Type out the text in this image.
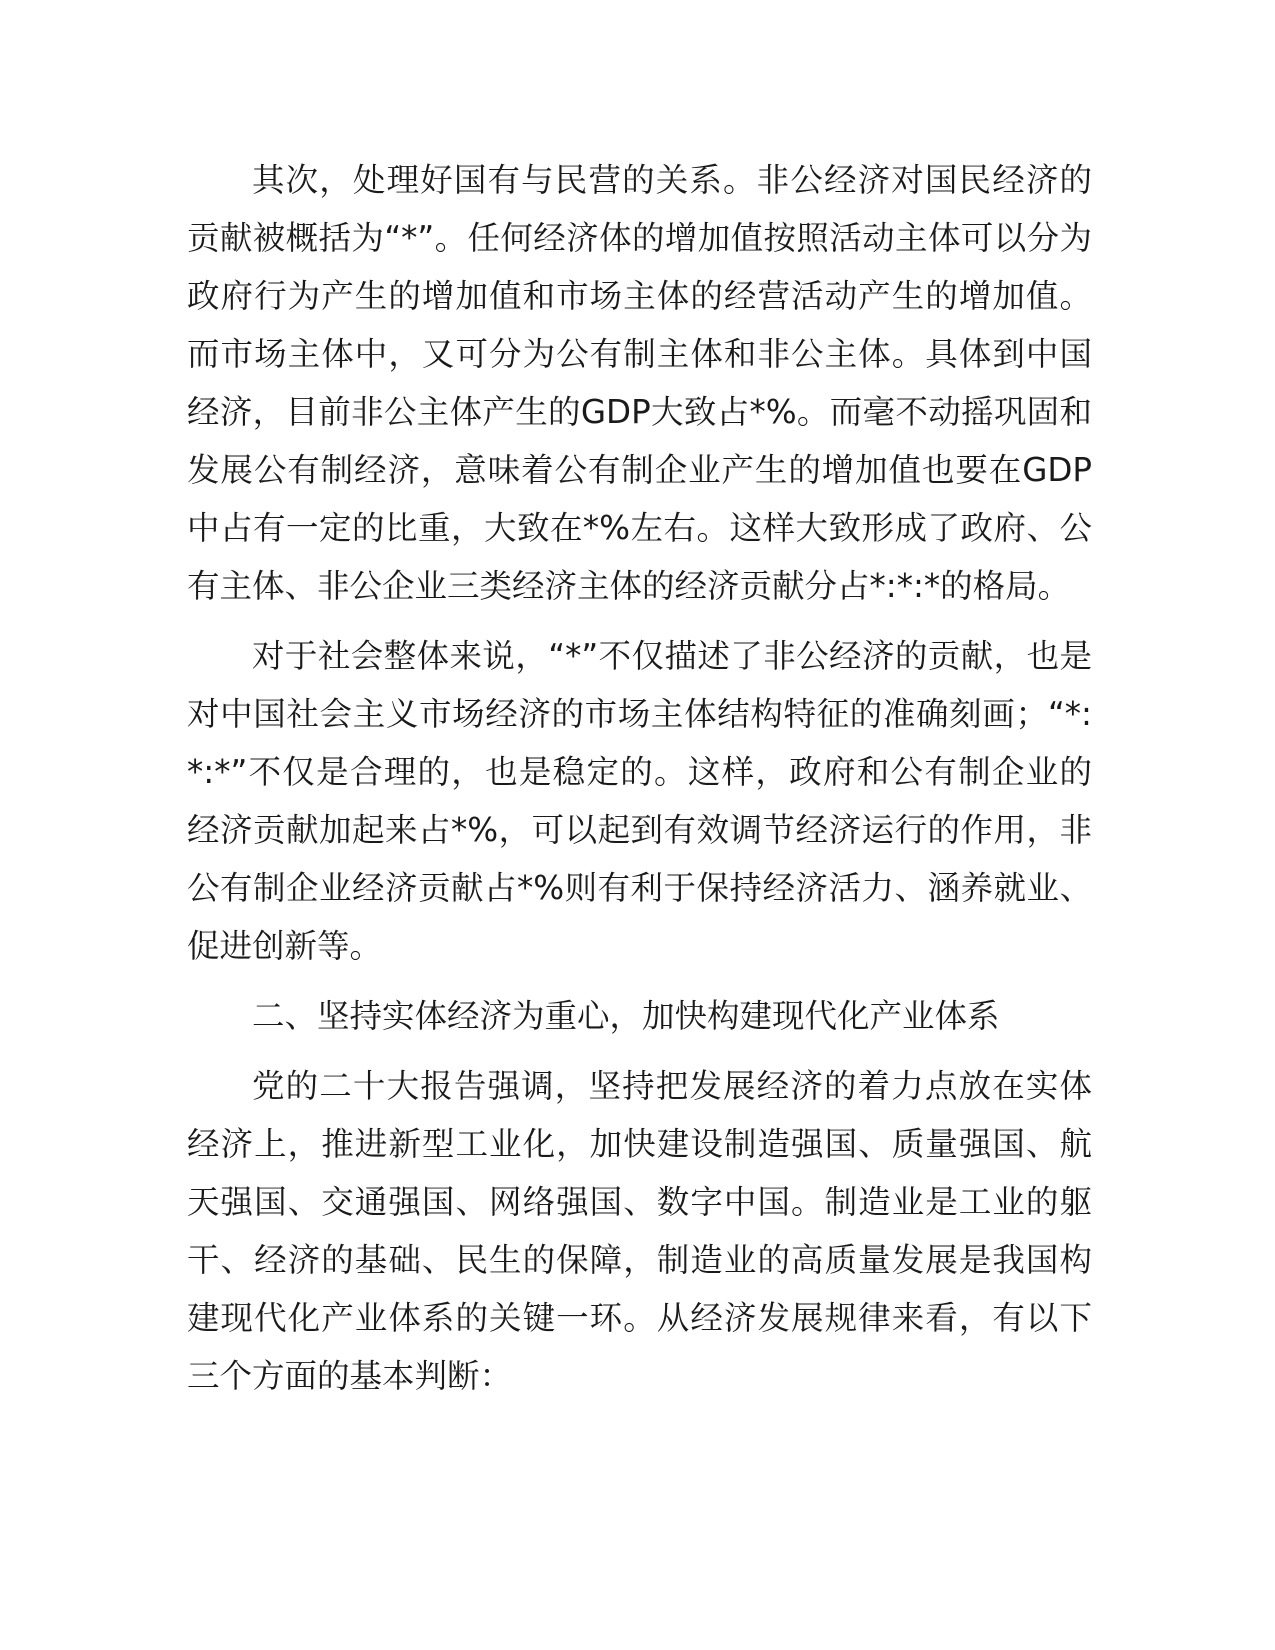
其次，处理好国有与民营的关系。非公经济对国民经济的贡献被概括为“*”。任何经济体的增加值按照活动主体可以分为政府行为产生的增加值和市场主体的经营活动产生的增加值。而市场主体中，又可分为公有制主体和非公主体。具体到中国经济，目前非公主体产生的GDP大致占*%。而毫不动摇巩固和发展公有制经济，意味着公有制企业产生的增加值也要在GDP中占有一定的比重，大致在*%左右。这样大致形成了政府、公有主体、非公企业三类经济主体的经济贡献分占*:*:*的格局。

对于社会整体来说，“*”不仅描述了非公经济的贡献，也是对中国社会主义市场经济的市场主体结构特征的准确刻画；“*:*:*”不仅是合理的，也是稳定的。这样，政府和公有制企业的经济贡献加起来占*%，可以起到有效调节经济运行的作用，非公有制企业经济贡献占*%则有利于保持经济活力、涵养就业、促进创新等。

二、坚持实体经济为重心，加快构建现代化产业体系

党的二十大报告强调，坚持把发展经济的着力点放在实体经济上，推进新型工业化，加快建设制造强国、质量强国、航天强国、交通强国、网络强国、数字中国。制造业是工业的躯干、经济的基础、民生的保障，制造业的高质量发展是我国构建现代化产业体系的关键一环。从经济发展规律来看，有以下三个方面的基本判断：
